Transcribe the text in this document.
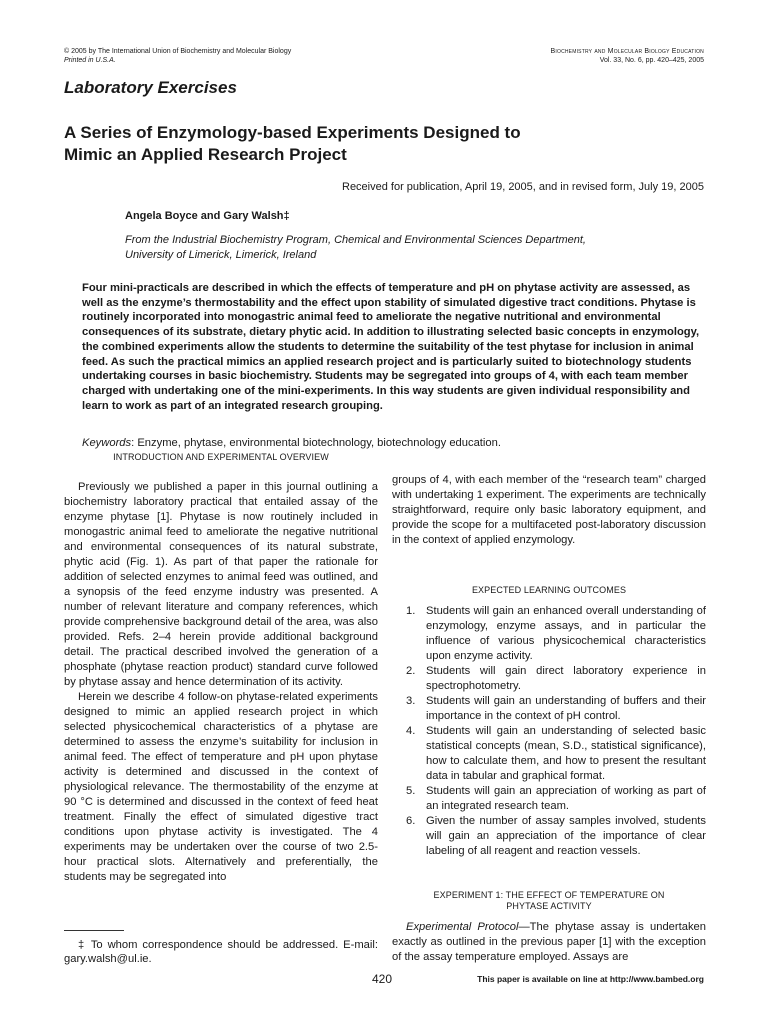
© 2005 by The International Union of Biochemistry and Molecular Biology
Printed in U.S.A.
Biochemistry and Molecular Biology Education
Vol. 33, No. 6, pp. 420–425, 2005
Laboratory Exercises
A Series of Enzymology-based Experiments Designed to
Mimic an Applied Research Project
Received for publication, April 19, 2005, and in revised form, July 19, 2005
Angela Boyce and Gary Walsh‡
From the Industrial Biochemistry Program, Chemical and Environmental Sciences Department,
University of Limerick, Limerick, Ireland
Four mini-practicals are described in which the effects of temperature and pH on phytase activity are assessed, as well as the enzyme’s thermostability and the effect upon stability of simulated digestive tract conditions. Phytase is routinely incorporated into monogastric animal feed to ameliorate the negative nutritional and environmental consequences of its substrate, dietary phytic acid. In addition to illustrating selected basic concepts in enzymology, the combined experiments allow the students to determine the suitability of the test phytase for inclusion in animal feed. As such the practical mimics an applied research project and is particularly suited to biotechnology students undertaking courses in basic biochemistry. Students may be segregated into groups of 4, with each team member charged with undertaking one of the mini-experiments. In this way students are given individual responsibility and learn to work as part of an integrated research grouping.
Keywords: Enzyme, phytase, environmental biotechnology, biotechnology education.
INTRODUCTION AND EXPERIMENTAL OVERVIEW

Previously we published a paper in this journal outlining a biochemistry laboratory practical that entailed assay of the enzyme phytase [1]. Phytase is now routinely included in monogastric animal feed to ameliorate the negative nutritional and environmental consequences of its natural substrate, phytic acid (Fig. 1). As part of that paper the rationale for addition of selected enzymes to animal feed was outlined, and a synopsis of the feed enzyme industry was presented. A number of relevant literature and company references, which provide comprehensive background detail of the area, was also provided. Refs. 2–4 herein provide additional background detail. The practical described involved the generation of a phosphate (phytase reaction product) standard curve followed by phytase assay and hence determination of its activity.

Herein we describe 4 follow-on phytase-related experiments designed to mimic an applied research project in which selected physicochemical characteristics of a phytase are determined to assess the enzyme’s suitability for inclusion in animal feed. The effect of temperature and pH upon phytase activity is determined and discussed in the context of physiological relevance. The thermostability of the enzyme at 90 °C is determined and discussed in the context of feed heat treatment. Finally the effect of simulated digestive tract conditions upon phytase activity is investigated. The 4 experiments may be undertaken over the course of two 2.5-hour practical slots. Alternatively and preferentially, the students may be segregated into

‡ To whom correspondence should be addressed. E-mail: gary.walsh@ul.ie.

groups of 4, with each member of the “research team” charged with undertaking 1 experiment. The experiments are technically straightforward, require only basic laboratory equipment, and provide the scope for a multifaceted post-laboratory discussion in the context of applied enzymology.

EXPECTED LEARNING OUTCOMES
1. Students will gain an enhanced overall understanding of enzymology, enzyme assays, and in particular the influence of various physicochemical characteristics upon enzyme activity.
2. Students will gain direct laboratory experience in spectrophotometry.
3. Students will gain an understanding of buffers and their importance in the context of pH control.
4. Students will gain an understanding of selected basic statistical concepts (mean, S.D., statistical significance), how to calculate them, and how to present the resultant data in tabular and graphical format.
5. Students will gain an appreciation of working as part of an integrated research team.
6. Given the number of assay samples involved, students will gain an appreciation of the importance of clear labeling of all reagent and reaction vessels.
EXPERIMENT 1: THE EFFECT OF TEMPERATURE ON
PHYTASE ACTIVITY

Experimental Protocol—The phytase assay is undertaken exactly as outlined in the previous paper [1] with the exception of the assay temperature employed. Assays are

420	This paper is available on line at http://www.bambed.org
